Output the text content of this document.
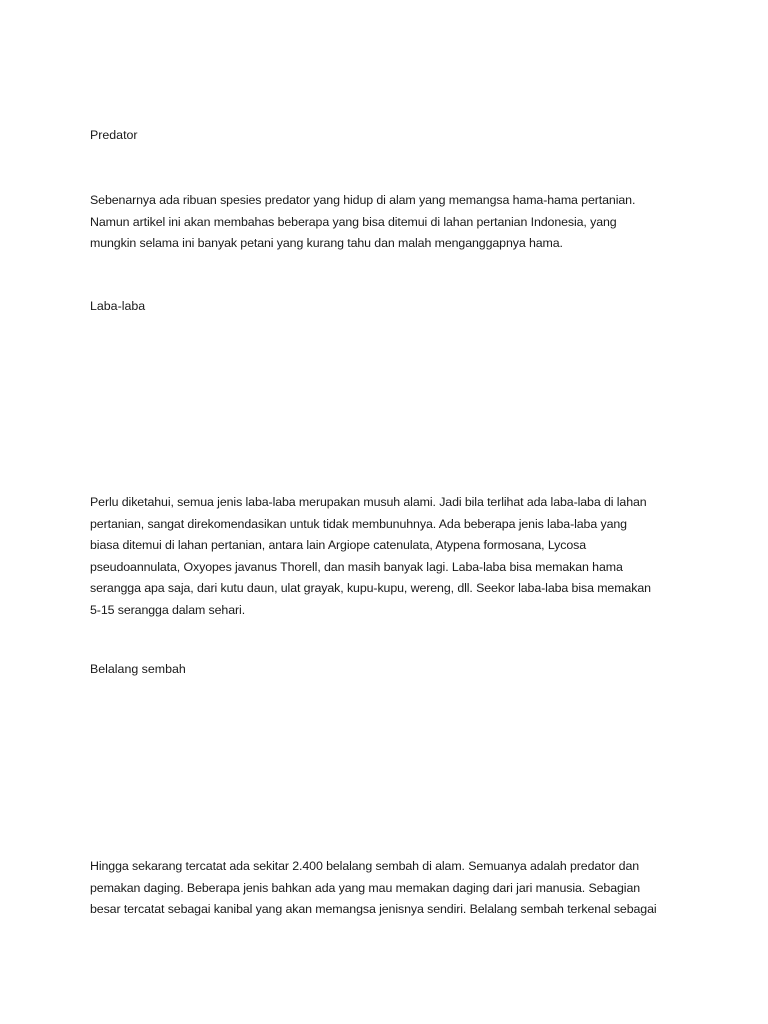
Predator

Sebenarnya ada ribuan spesies predator yang hidup di alam yang memangsa hama-hama pertanian.
Namun artikel ini akan membahas beberapa yang bisa ditemui di lahan pertanian Indonesia, yang
mungkin selama ini banyak petani yang kurang tahu dan malah menganggapnya hama.

Laba-laba

Perlu diketahui, semua jenis laba-laba merupakan musuh alami. Jadi bila terlihat ada laba-laba di lahan
pertanian, sangat direkomendasikan untuk tidak membunuhnya. Ada beberapa jenis laba-laba yang
biasa ditemui di lahan pertanian, antara lain Argiope catenulata, Atypena formosana, Lycosa
pseudoannulata, Oxyopes javanus Thorell, dan masih banyak lagi. Laba-laba bisa memakan hama
serangga apa saja, dari kutu daun, ulat grayak, kupu-kupu, wereng, dll. Seekor laba-laba bisa memakan
5-15 serangga dalam sehari.

Belalang sembah

Hingga sekarang tercatat ada sekitar 2.400 belalang sembah di alam. Semuanya adalah predator dan
pemakan daging. Beberapa jenis bahkan ada yang mau memakan daging dari jari manusia. Sebagian
besar tercatat sebagai kanibal yang akan memangsa jenisnya sendiri. Belalang sembah terkenal sebagai
